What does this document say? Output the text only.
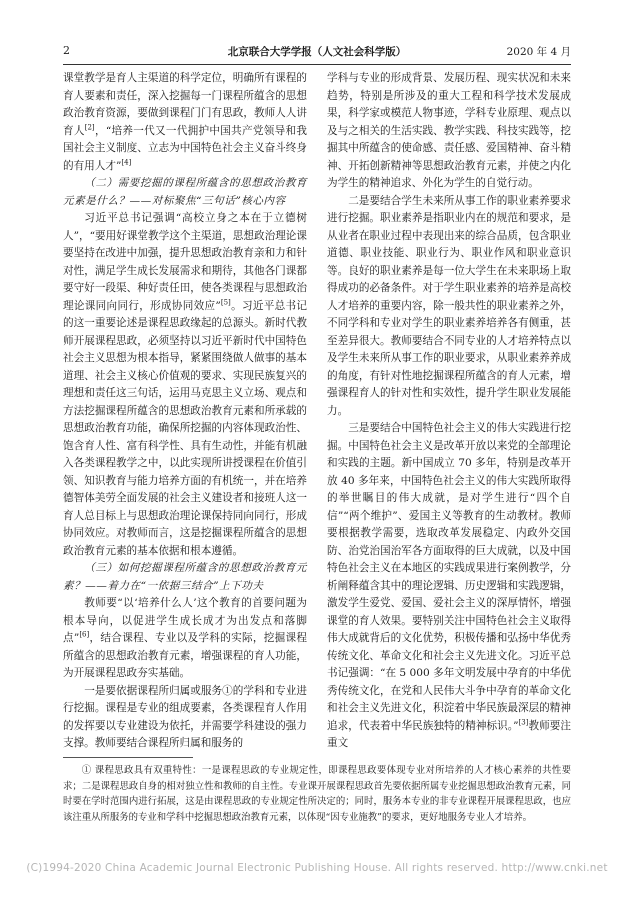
2	北京联合大学学报（人文社会科学版）	2020 年 4 月

课堂教学是育人主渠道的科学定位，明确所有课程的育人要素和责任，深入挖掘每一门课程所蕴含的思想政治教育资源，要做到课程门门有思政，教师人人讲育人[2]，“培养一代又一代拥护中国共产党领导和我国社会主义制度、立志为中国特色社会主义奋斗终身的有用人才”[4]

（二）需要挖掘的课程所蕴含的思想政治教育元素是什么？——对标聚焦“三句话”核心内容

习近平总书记强调“高校立身之本在于立德树人”，“要用好课堂教学这个主渠道，思想政治理论课要坚持在改进中加强，提升思想政治教育亲和力和针对性，满足学生成长发展需求和期待，其他各门课都要守好一段渠、种好责任田，使各类课程与思想政治理论课同向同行，形成协同效应”[5]。习近平总书记的这一重要论述是课程思政缘起的总源头。新时代教师开展课程思政，必须坚持以习近平新时代中国特色社会主义思想为根本指导，紧紧围绕做人做事的基本道理、社会主义核心价值观的要求、实现民族复兴的理想和责任这三句话，运用马克思主义立场、观点和方法挖掘课程所蕴含的思想政治教育元素和所承载的思想政治教育功能，确保所挖掘的内容体现政治性、饱含育人性、富有科学性、具有生动性，并能有机融入各类课程教学之中，以此实现所讲授课程在价值引领、知识教育与能力培养方面的有机统一，并在培养德智体美劳全面发展的社会主义建设者和接班人这一育人总目标上与思想政治理论课保持同向同行，形成协同效应。对教师而言，这是挖掘课程所蕴含的思想政治教育元素的基本依据和根本遵循。

（三）如何挖掘课程所蕴含的思想政治教育元素？——着力在“一依据三结合”上下功夫

教师要“以‘培养什么人’这个教育的首要问题为根本导向，以促进学生成长成才为出发点和落脚点”[6]，结合课程、专业以及学科的实际，挖掘课程所蕴含的思想政治教育元素，增强课程的育人功能，为开展课程思政夯实基础。

一是要依据课程所归属或服务①的学科和专业进行挖掘。课程是专业的组成要素，各类课程育人作用的发挥要以专业建设为依托，并需要学科建设的强力支撑。教师要结合课程所归属和服务的

学科与专业的形成背景、发展历程、现实状况和未来趋势，特别是所涉及的重大工程和科学技术发展成果，科学家或模范人物事迹，学科专业原理、观点以及与之相关的生活实践、教学实践、科技实践等，挖掘其中所蕴含的使命感、责任感、爱国精神、奋斗精神、开拓创新精神等思想政治教育元素，并使之内化为学生的精神追求、外化为学生的自觉行动。

二是要结合学生未来所从事工作的职业素养要求进行挖掘。职业素养是指职业内在的规范和要求，是从业者在职业过程中表现出来的综合品质，包含职业道德、职业技能、职业行为、职业作风和职业意识等。良好的职业素养是每一位大学生在未来职场上取得成功的必备条件。对于学生职业素养的培养是高校人才培养的重要内容，除一般共性的职业素养之外，不同学科和专业对学生的职业素养培养各有侧重，甚至差异很大。教师要结合不同专业的人才培养特点以及学生未来所从事工作的职业要求，从职业素养养成的角度，有针对性地挖掘课程所蕴含的育人元素，增强课程育人的针对性和实效性，提升学生职业发展能力。

三是要结合中国特色社会主义的伟大实践进行挖掘。中国特色社会主义是改革开放以来党的全部理论和实践的主题。新中国成立 70 多年，特别是改革开放 40 多年来，中国特色社会主义的伟大实践所取得的举世瞩目的伟大成就，是对学生进行“四个自信”“两个维护”、爱国主义等教育的生动教材。教师要根据教学需要，选取改革发展稳定、内政外交国防、治党治国治军各方面取得的巨大成就，以及中国特色社会主义在本地区的实践成果进行案例教学，分析阐释蕴含其中的理论逻辑、历史逻辑和实践逻辑，激发学生爱党、爱国、爱社会主义的深厚情怀，增强课堂的育人效果。要特别关注中国特色社会主义取得伟大成就背后的文化优势，积极传播和弘扬中华优秀传统文化、革命文化和社会主义先进文化。习近平总书记强调：“在 5 000 多年文明发展中孕育的中华优秀传统文化，在党和人民伟大斗争中孕育的革命文化和社会主义先进文化，积淀着中华民族最深层的精神追求，代表着中华民族独特的精神标识。”[3]教师要注重文

① 课程思政具有双重特性：一是课程思政的专业规定性，即课程思政要体现专业对所培养的人才核心素养的共性要求；二是课程思政自身的相对独立性和教师的自主性。专业课开展课程思政首先要依据所属专业挖掘思想政治教育元素，同时要在学时范围内进行拓展，这是由课程思政的专业规定性所决定的；同时，服务本专业的非专业课程开展课程思政，也应该注重从所服务的专业和学科中挖掘思想政治教育元素，以体现“因专业施教”的要求，更好地服务专业人才培养。
(C)1994-2020 China Academic Journal Electronic Publishing House. All rights reserved. http://www.cnki.net
